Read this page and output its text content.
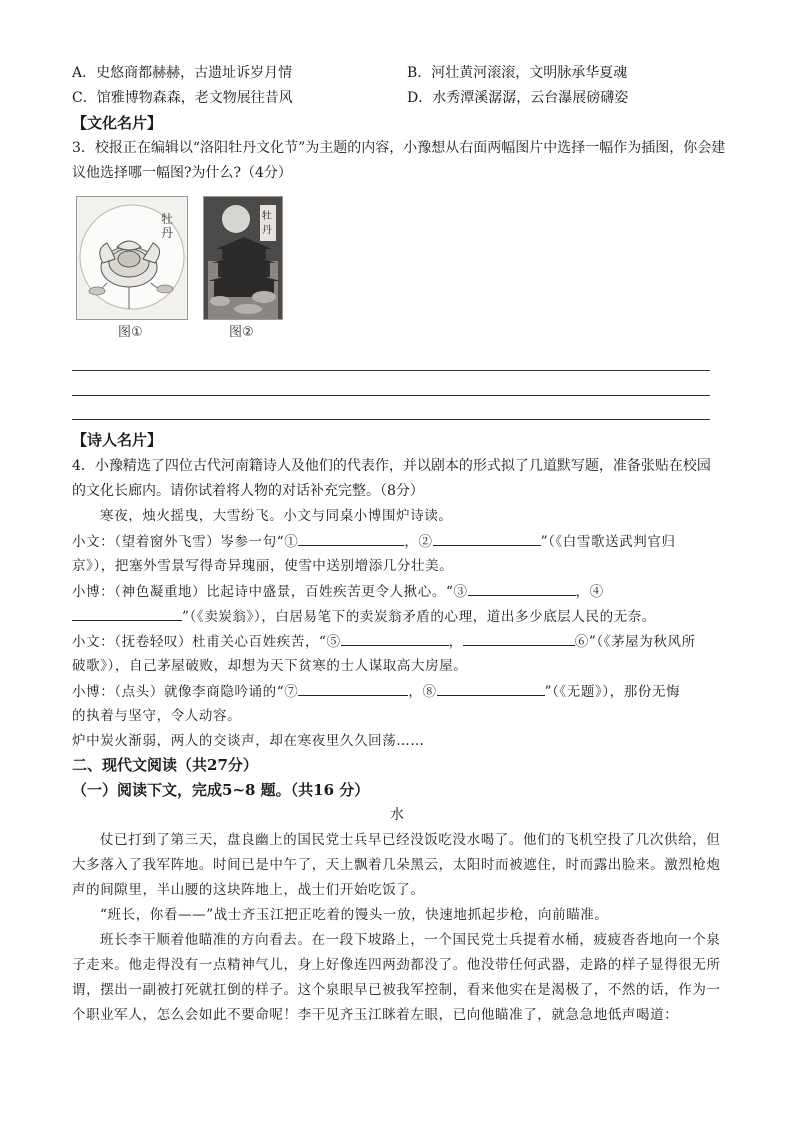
A．史悠商都赫赫，古遗址诉岁月情	B．河壮黄河滚滚，文明脉承华夏魂
C．馆雅博物森森，老文物展往昔风	D．水秀潭溪潺潺，云台瀑展磅礴姿
【文化名片】
3．校报正在编辑以“洛阳牡丹文化节”为主题的内容，小豫想从右面两幅图片中选择一幅作为插图，你会建
议他选择哪一幅图?为什么?（4分）
牡
丹
图①
牡
丹
图②
【诗人名片】
4．小豫精选了四位古代河南籍诗人及他们的代表作，并以剧本的形式拟了几道默写题，准备张贴在校园
的文化长廊内。请你试着将人物的对话补充完整。（8分）
寒夜，烛火摇曳，大雪纷飞。小文与同桌小博围炉诗读。
小文：（望着窗外飞雪）岑参一句“①	，②	”（《白雪歌送武判官归
京》），把塞外雪景写得奇异瑰丽，使雪中送别增添几分壮美。
小博：（神色凝重地）比起诗中盛景，百姓疾苦更令人揪心。“③	，④
”（《卖炭翁》），白居易笔下的卖炭翁矛盾的心理，道出多少底层人民的无奈。
小文：（抚卷轻叹）杜甫关心百姓疾苦，“⑤	，	⑥”（《茅屋为秋风所
破歌》），自己茅屋破败，却想为天下贫寒的士人谋取高大房屋。
小博：（点头）就像李商隐吟诵的“⑦	，⑧	”（《无题》），那份无悔
的执着与坚守，令人动容。
炉中炭火渐弱，两人的交谈声，却在寒夜里久久回荡……
二、现代文阅读（共27分）
（一）阅读下文，完成5~8 题。（共16 分）
水
仗已打到了第三天，盘良幽上的国民党士兵早已经没饭吃没水喝了。他们的飞机空投了几次供给，但
大多落入了我军阵地。时间已是中午了，天上飘着几朵黑云，太阳时而被遮住，时而露出脸来。激烈枪炮
声的间隙里，半山腰的这块阵地上，战士们开始吃饭了。
“班长，你看——”战士齐玉江把正吃着的馒头一放，快速地抓起步枪，向前瞄准。
班长李干顺着他瞄准的方向看去。在一段下坡路上，一个国民党士兵提着水桶，疲疲沓沓地向一个泉
子走来。他走得没有一点精神气儿，身上好像连四两劲都没了。他没带任何武器，走路的样子显得很无所
谓，摆出一副被打死就扛倒的样子。这个泉眼早已被我军控制，看来他实在是渴极了，不然的话，作为一
个职业军人，怎么会如此不要命呢！李干见齐玉江眯着左眼，已向他瞄准了，就急急地低声喝道：
